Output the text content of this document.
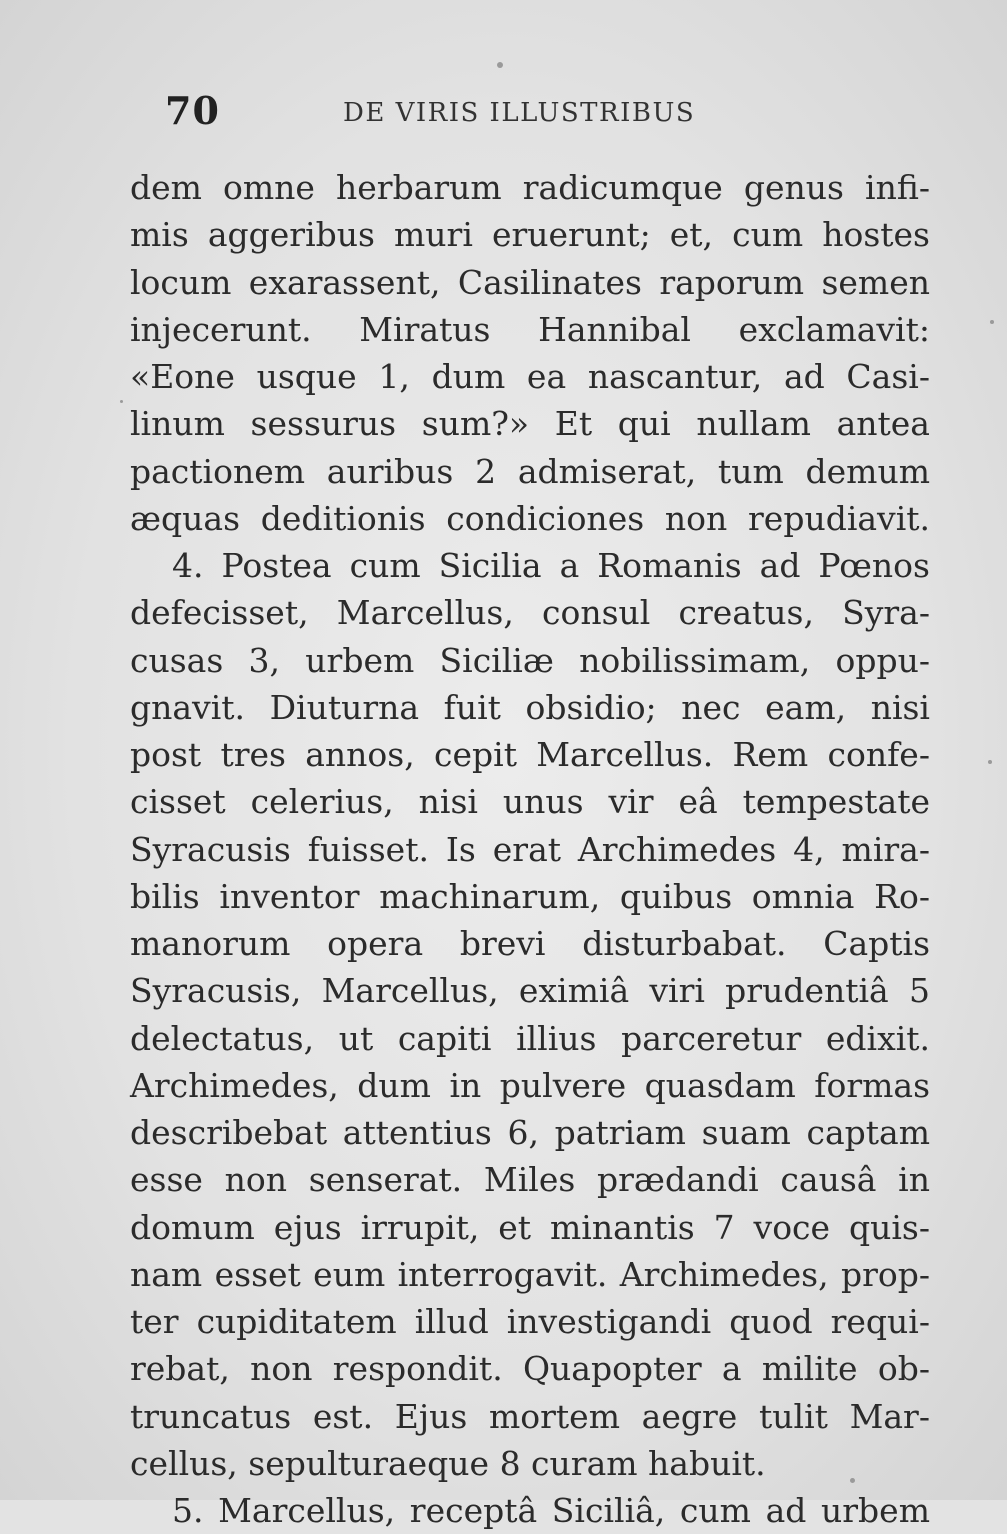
70	DE VIRIS ILLUSTRIBUS
dem omne herbarum radicumque genus infi-
mis aggeribus muri eruerunt; et, cum hostes
locum exarassent, Casilinates raporum semen
injecerunt. Miratus Hannibal exclamavit:
«Eone usque 1, dum ea nascantur, ad Casi-
linum sessurus sum?» Et qui nullam antea
pactionem auribus 2 admiserat, tum demum
æquas deditionis condiciones non repudiavit.
4. Postea cum Sicilia a Romanis ad Pœnos
defecisset, Marcellus, consul creatus, Syra-
cusas 3, urbem Siciliæ nobilissimam, oppu-
gnavit. Diuturna fuit obsidio; nec eam, nisi
post tres annos, cepit Marcellus. Rem confe-
cisset celerius, nisi unus vir eâ tempestate
Syracusis fuisset. Is erat Archimedes 4, mira-
bilis inventor machinarum, quibus omnia Ro-
manorum opera brevi disturbabat. Captis
Syracusis, Marcellus, eximiâ viri prudentiâ 5
delectatus, ut capiti illius parceretur edixit.
Archimedes, dum in pulvere quasdam formas
describebat attentius 6, patriam suam captam
esse non senserat. Miles prædandi causâ in
domum ejus irrupit, et minantis 7 voce quis-
nam esset eum interrogavit. Archimedes, prop-
ter cupiditatem illud investigandi quod requi-
rebat, non respondit. Quapopter a milite ob-
truncatus est. Ejus mortem aegre tulit Mar-
cellus, sepulturaeque 8 curam habuit.
5. Marcellus, receptâ Siciliâ, cum ad urbem
